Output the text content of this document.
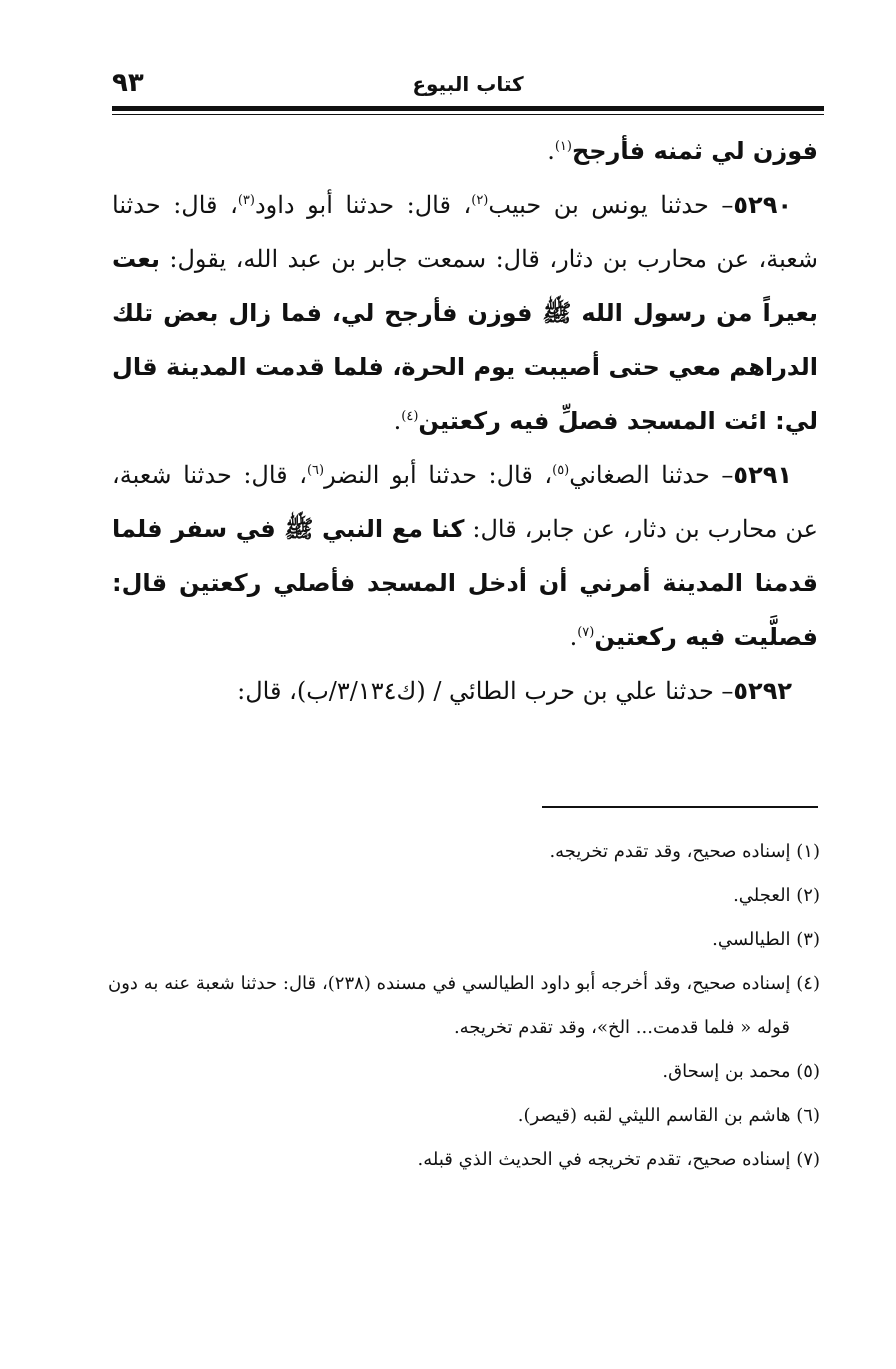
كتاب البيوع
٩٣

فوزن لي ثمنه فأرجح$^{(١)}$.

٥٢٩٠– حدثنا يونس بن حبيب$^{(٢)}$، قال: حدثنا أبو داود$^{(٣)}$، قال: حدثنا شعبة، عن محارب بن دثار، قال: سمعت جابر بن عبد الله، يقول: بعت بعيراً من رسول الله ﷺ فوزن فأرجح لي، فما زال بعض تلك الدراهم معي حتى أصيبت يوم الحرة، فلما قدمت المدينة قال لي: ائت المسجد فصلِّ فيه ركعتين$^{(٤)}$.

٥٢٩١– حدثنا الصغاني$^{(٥)}$، قال: حدثنا أبو النضر$^{(٦)}$، قال: حدثنا شعبة، عن محارب بن دثار، عن جابر، قال: كنا مع النبي ﷺ في سفر فلما قدمنا المدينة أمرني أن أدخل المسجد فأصلي ركعتين قال: فصلَّيت فيه ركعتين$^{(٧)}$.

٥٢٩٢– حدثنا علي بن حرب الطائي / (ك٣/١٣٤/ب)، قال:

(١) إسناده صحيح، وقد تقدم تخريجه.

(٢) العجلي.

(٣) الطيالسي.

(٤) إسناده صحيح، وقد أخرجه أبو داود الطيالسي في مسنده (٢٣٨)، قال: حدثنا شعبة عنه به دون قوله « فلما قدمت... الخ»، وقد تقدم تخريجه.

(٥) محمد بن إسحاق.

(٦) هاشم بن القاسم الليثي لقبه (قيصر).

(٧) إسناده صحيح، تقدم تخريجه في الحديث الذي قبله.
